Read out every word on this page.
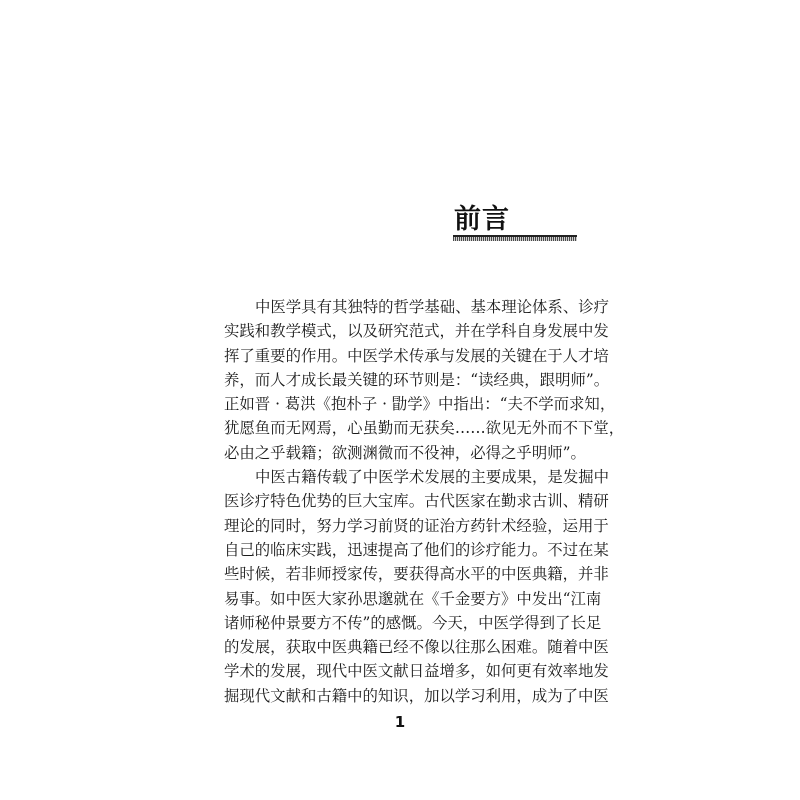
前言
中医学具有其独特的哲学基础、基本理论体系、诊疗
实践和教学模式，以及研究范式，并在学科自身发展中发
挥了重要的作用。中医学术传承与发展的关键在于人才培
养，而人才成长最关键的环节则是：“读经典，跟明师”。
正如晋 · 葛洪《抱朴子 · 勖学》中指出：“夫不学而求知，
犹愿鱼而无网焉，心虽勤而无获矣……欲见无外而不下堂，
必由之乎载籍；欲测渊微而不役神，必得之乎明师”。
中医古籍传载了中医学术发展的主要成果，是发掘中
医诊疗特色优势的巨大宝库。古代医家在勤求古训、精研
理论的同时，努力学习前贤的证治方药针术经验，运用于
自己的临床实践，迅速提高了他们的诊疗能力。不过在某
些时候，若非师授家传，要获得高水平的中医典籍，并非
易事。如中医大家孙思邈就在《千金要方》中发出“江南
诸师秘仲景要方不传”的感慨。今天，中医学得到了长足
的发展，获取中医典籍已经不像以往那么困难。随着中医
学术的发展，现代中医文献日益增多，如何更有效率地发
掘现代文献和古籍中的知识，加以学习利用，成为了中医
1
